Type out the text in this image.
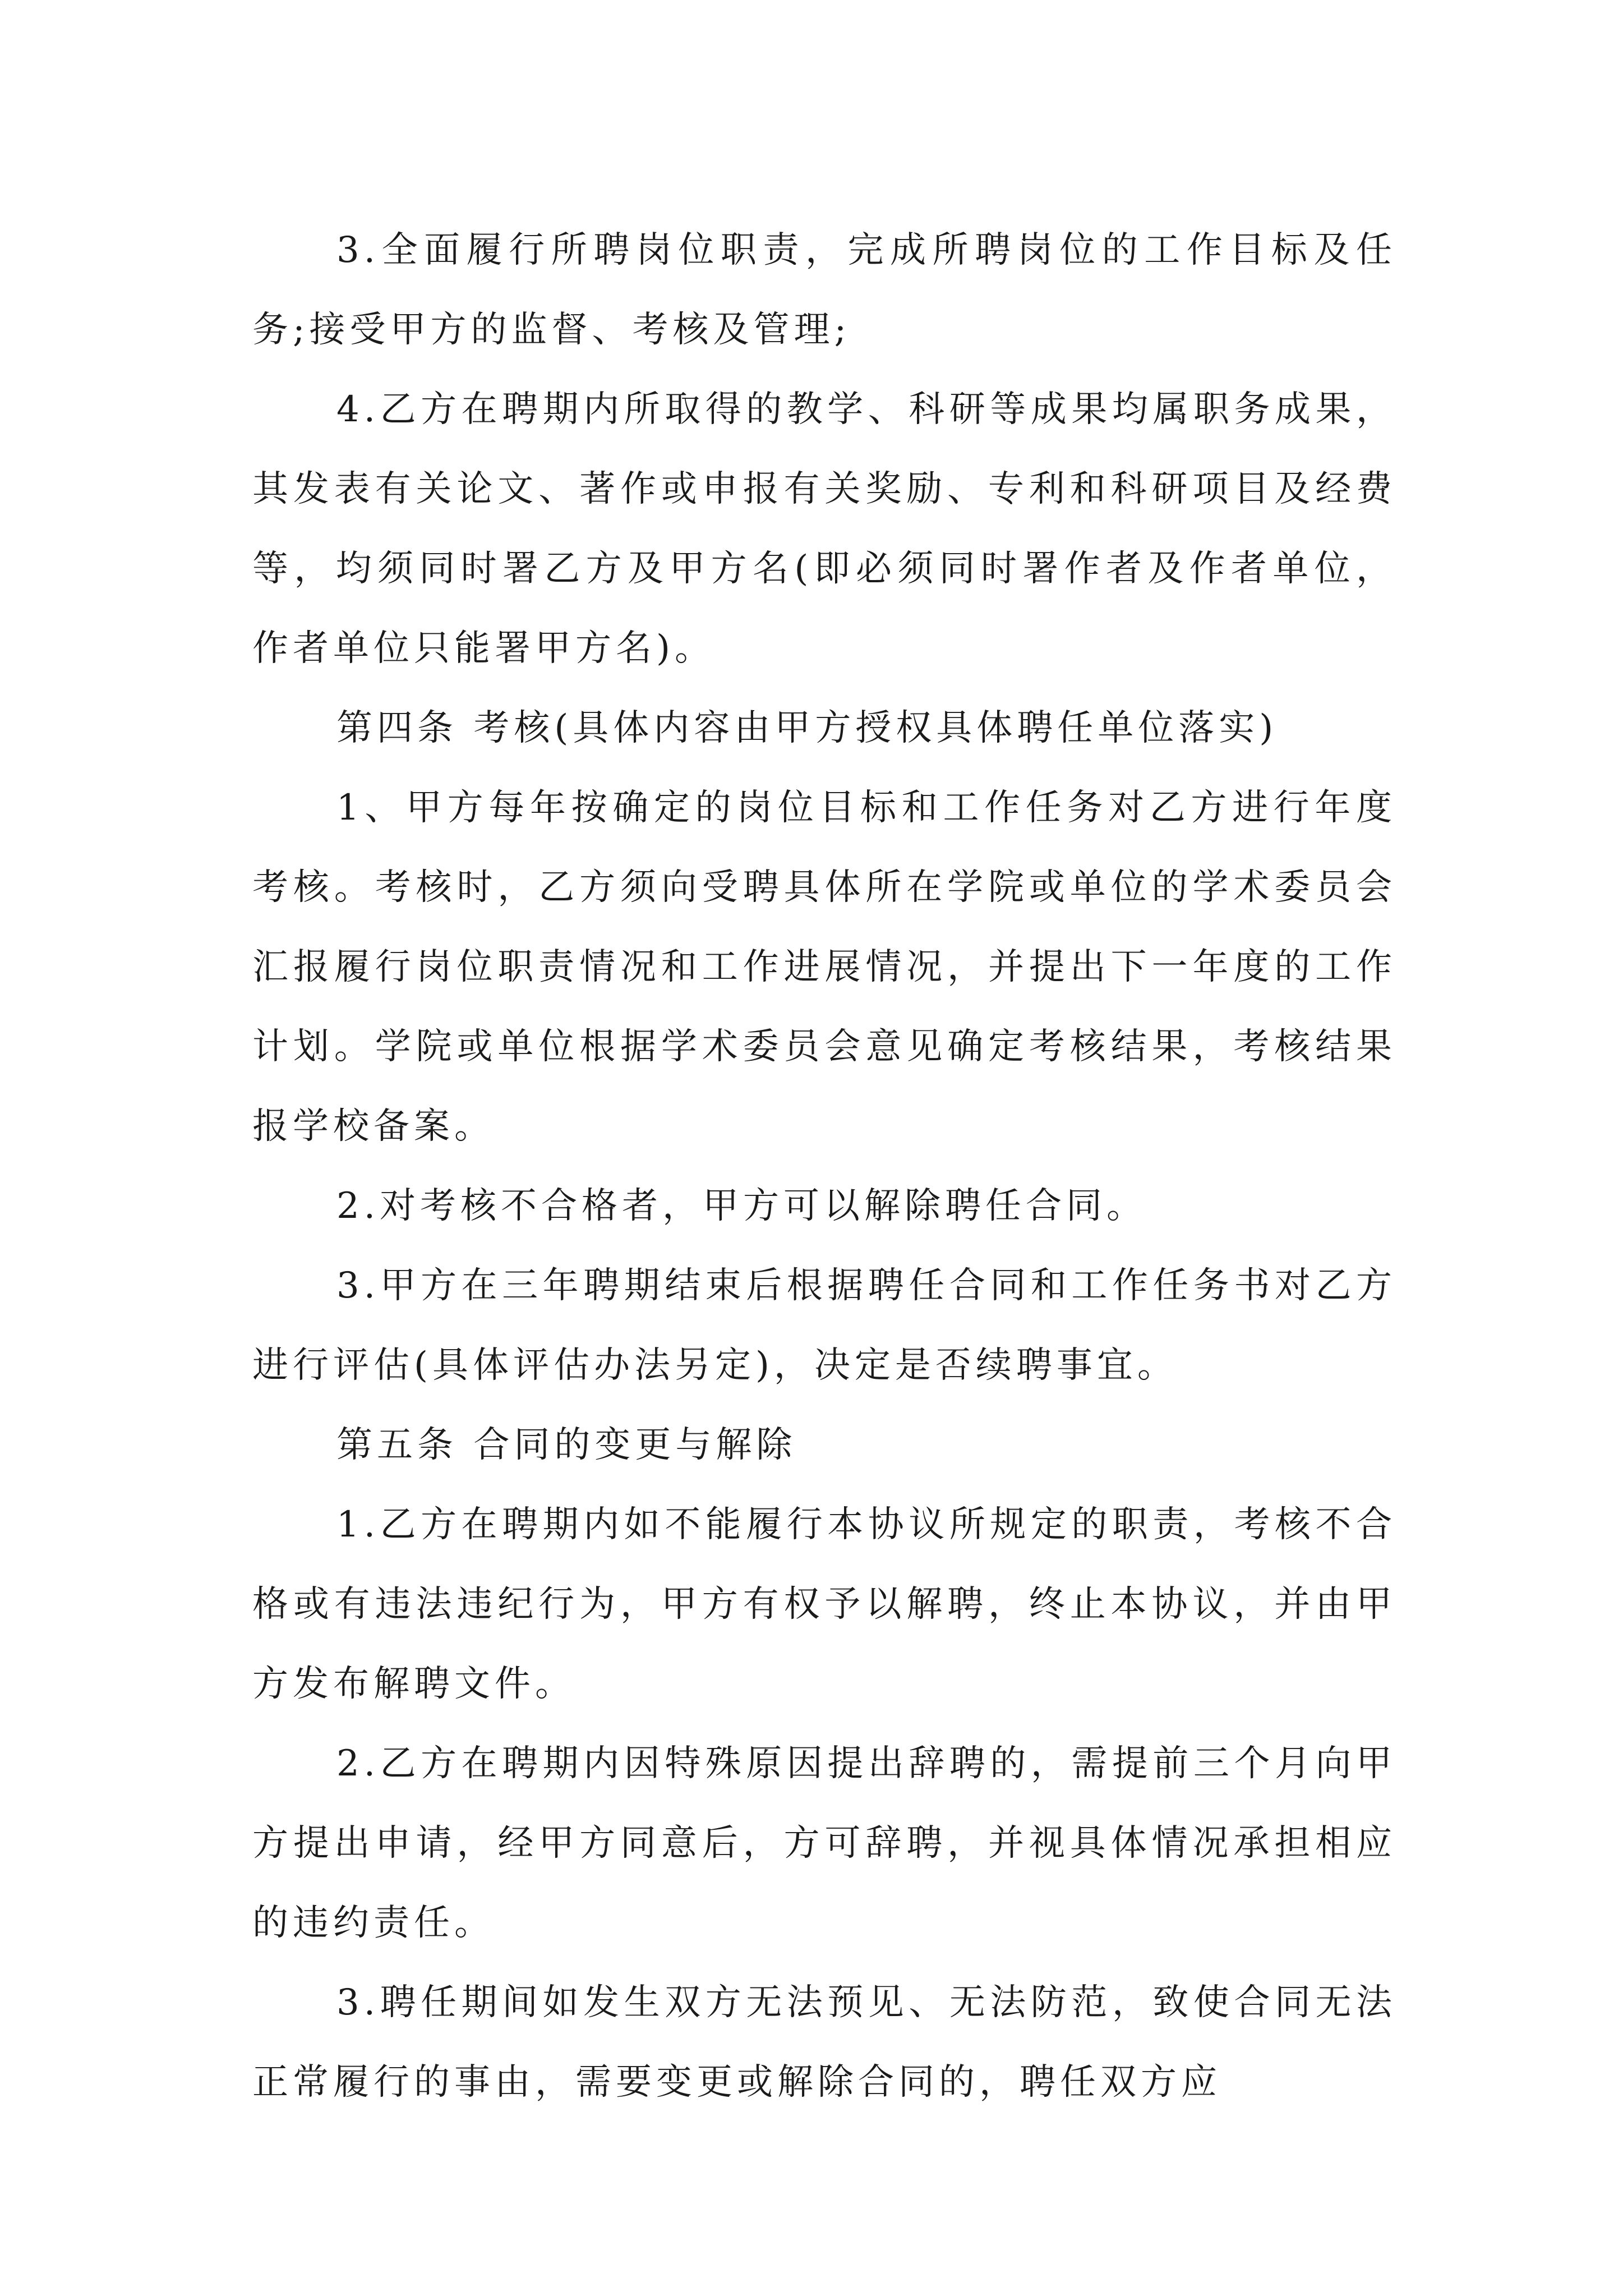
3.全面履行所聘岗位职责，完成所聘岗位的工作目标及任务;接受甲方的监督、考核及管理;

4.乙方在聘期内所取得的教学、科研等成果均属职务成果，其发表有关论文、著作或申报有关奖励、专利和科研项目及经费等，均须同时署乙方及甲方名(即必须同时署作者及作者单位，作者单位只能署甲方名)。

第四条 考核(具体内容由甲方授权具体聘任单位落实)

1、甲方每年按确定的岗位目标和工作任务对乙方进行年度考核。考核时，乙方须向受聘具体所在学院或单位的学术委员会汇报履行岗位职责情况和工作进展情况，并提出下一年度的工作计划。学院或单位根据学术委员会意见确定考核结果，考核结果报学校备案。

2.对考核不合格者，甲方可以解除聘任合同。

3.甲方在三年聘期结束后根据聘任合同和工作任务书对乙方进行评估(具体评估办法另定)，决定是否续聘事宜。

第五条 合同的变更与解除

1.乙方在聘期内如不能履行本协议所规定的职责，考核不合格或有违法违纪行为，甲方有权予以解聘，终止本协议，并由甲方发布解聘文件。

2.乙方在聘期内因特殊原因提出辞聘的，需提前三个月向甲方提出申请，经甲方同意后，方可辞聘，并视具体情况承担相应的违约责任。

3.聘任期间如发生双方无法预见、无法防范，致使合同无法正常履行的事由，需要变更或解除合同的，聘任双方应
